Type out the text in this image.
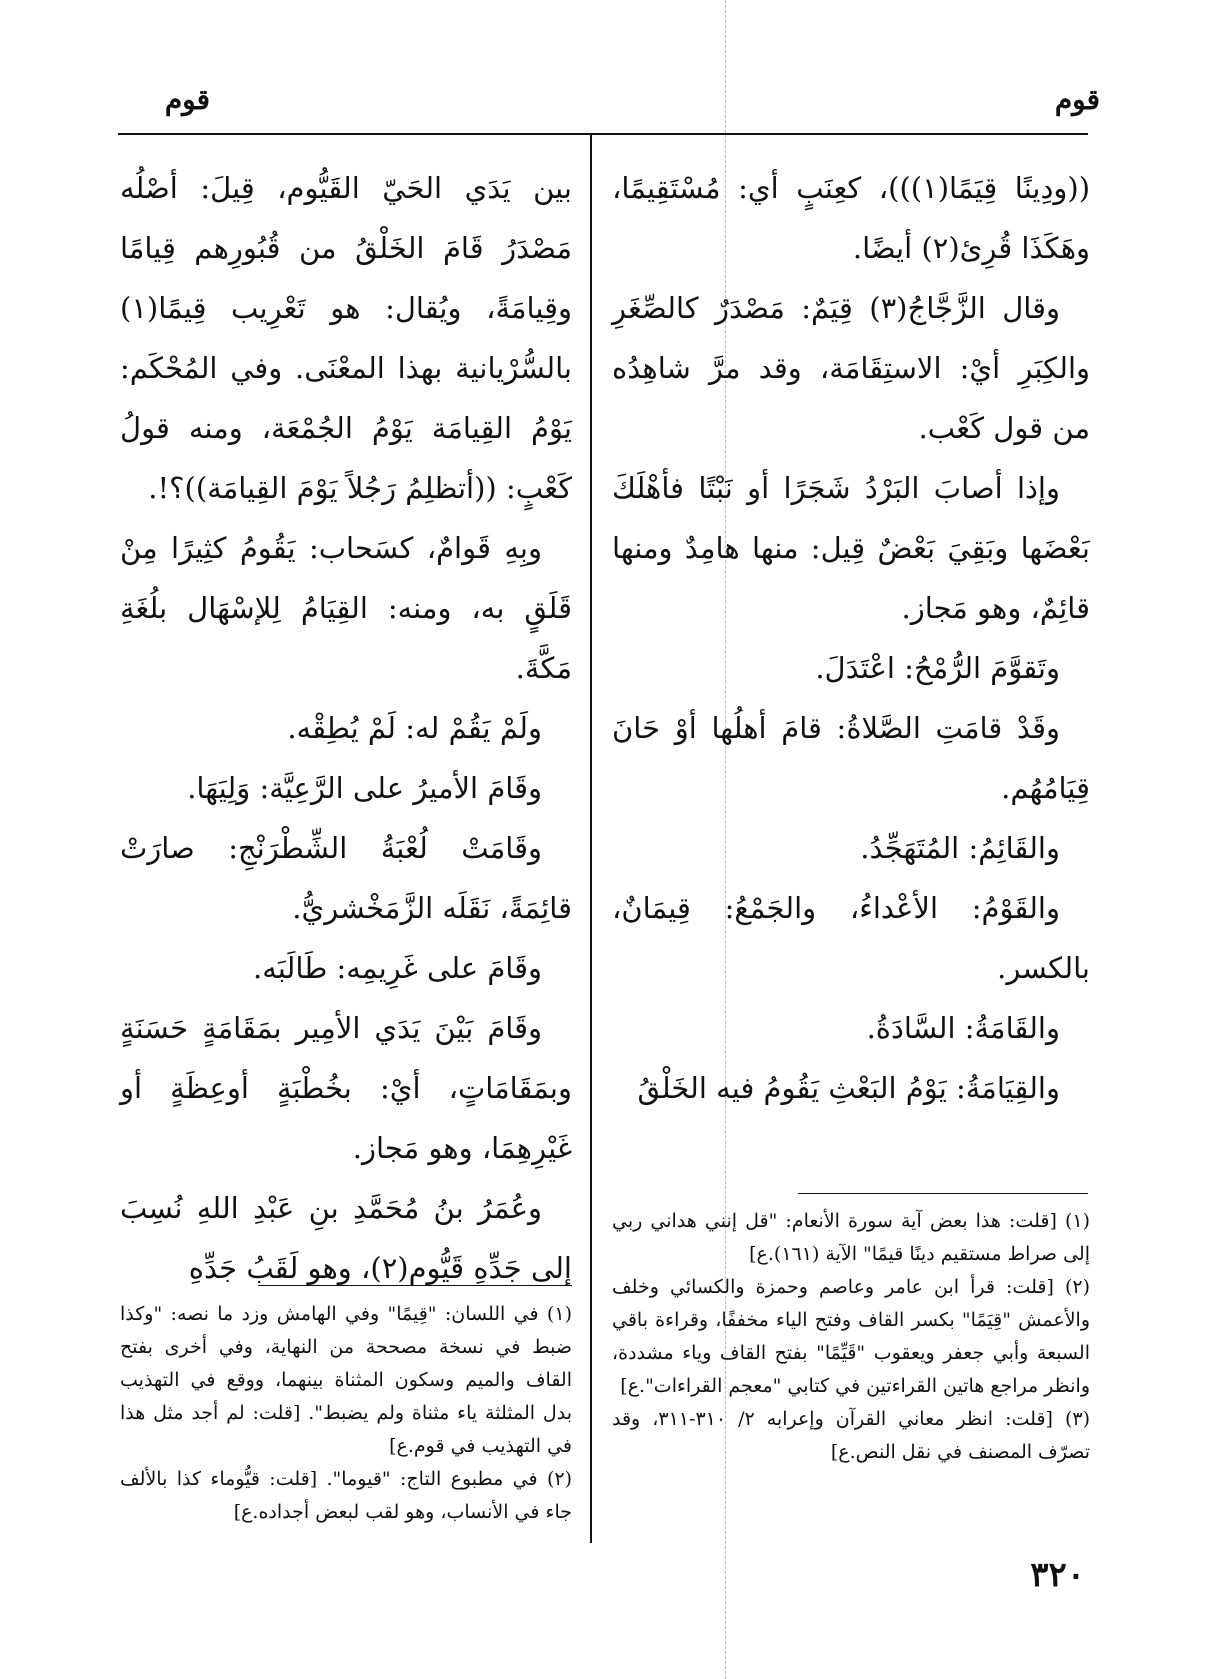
قوم
قوم

((ودِينًا قِيَمًا(١)))، كعِنَبٍ أي: مُسْتَقِيمًا، وهَكَذَا قُرِئ(٢) أيضًا.

وقال الزَّجَّاجُ(٣) قِيَمٌ: مَصْدَرٌ كالصِّغَرِ والكِبَرِ أيْ: الاستِقَامَة، وقد مرَّ شاهِدُه من قول كَعْب.

وإذا أصابَ البَرْدُ شَجَرًا أو نَبْتًا فأهْلَكَ بَعْضَها وبَقِيَ بَعْضٌ قِيل: منها هامِدٌ ومنها قائِمٌ، وهو مَجاز.

وتَقوَّمَ الرُّمْحُ: اعْتَدَلَ.

وقَدْ قامَتِ الصَّلاةُ: قامَ أهلُها أوْ حَانَ قِيَامُهُم.

والقَائِمُ: المُتَهَجِّدُ.

والقَوْمُ: الأعْداءُ، والجَمْعُ: قِيمَانٌ، بالكسر.

والقَامَةُ: السَّادَةُ.

والقِيَامَةُ: يَوْمُ البَعْثِ يَقُومُ فيه الخَلْقُ

بين يَدَي الحَيّ القَيُّوم، قِيلَ: أصْلُه مَصْدَرُ قَامَ الخَلْقُ من قُبُورِهم قِيامًا وقِيامَةً، ويُقال: هو تَعْرِيب قِيمًا(١) بالسُّرْيانية بهذا المعْنَى. وفي المُحْكَم: يَوْمُ القِيامَة يَوْمُ الجُمْعَة، ومنه قولُ كَعْبٍ: ((أتظلِمُ رَجُلاً يَوْمَ القِيامَة))؟!.

وبِهِ قَوامٌ، كسَحاب: يَقُومُ كثِيرًا مِنْ قَلَقٍ به، ومنه: القِيَامُ لِلإسْهَال بلُغَةِ مَكَّةَ.

ولَمْ يَقُمْ له: لَمْ يُطِقْه.

وقَامَ الأميرُ على الرَّعِيَّة: وَلِيَهَا.

وقَامَتْ لُعْبَةُ الشِّطْرَنْجِ: صارَتْ قائِمَةً، نَقَلَه الزَّمَخْشريُّ.

وقَامَ على غَرِيمِه: طَالَبَه.

وقَامَ بَيْنَ يَدَي الأمِير بمَقَامَةٍ حَسَنَةٍ وبمَقَامَاتٍ، أيْ: بخُطْبَةٍ أوعِظَةٍ أو غَيْرِهِمَا، وهو مَجاز.

وعُمَرُ بنُ مُحَمَّدِ بنِ عَبْدِ اللهِ نُسِبَ إلى جَدِّهِ قَيُّوم(٢)، وهو لَقَبُ جَدِّهِ

(١) [قلت: هذا بعض آية سورة الأنعام: "قل إنني هداني ربي إلى صراط مستقيم دينًا قيمًا" الآية (١٦١).ع]

(٢) [قلت: قرأ ابن عامر وعاصم وحمزة والكسائي وخلف والأعمش "قِيَمًا" بكسر القاف وفتح الياء مخففًا، وقراءة باقي السبعة وأبي جعفر ويعقوب "قَيِّمًا" بفتح القاف وياء مشددة، وانظر مراجع هاتين القراءتين في كتابي "معجم القراءات".ع]

(٣) [قلت: انظر معاني القرآن وإعرابه ٢/ ٣١٠-٣١١، وقد تصرّف المصنف في نقل النص.ع]

(١) في اللسان: "قِيمًا" وفي الهامش وزد ما نصه: "وكذا ضبط في نسخة مصححة من النهاية، وفي أخرى بفتح القاف والميم وسكون المثناة بينهما، ووقع في التهذيب بدل المثلثة ياء مثناة ولم يضبط". [قلت: لم أجد مثل هذا في التهذيب في قوم.ع]

(٢) في مطبوع التاج: "قيوما". [قلت: قيُّوماء كذا بالألف جاء في الأنساب، وهو لقب لبعض أجداده.ع]

٣٢٠
